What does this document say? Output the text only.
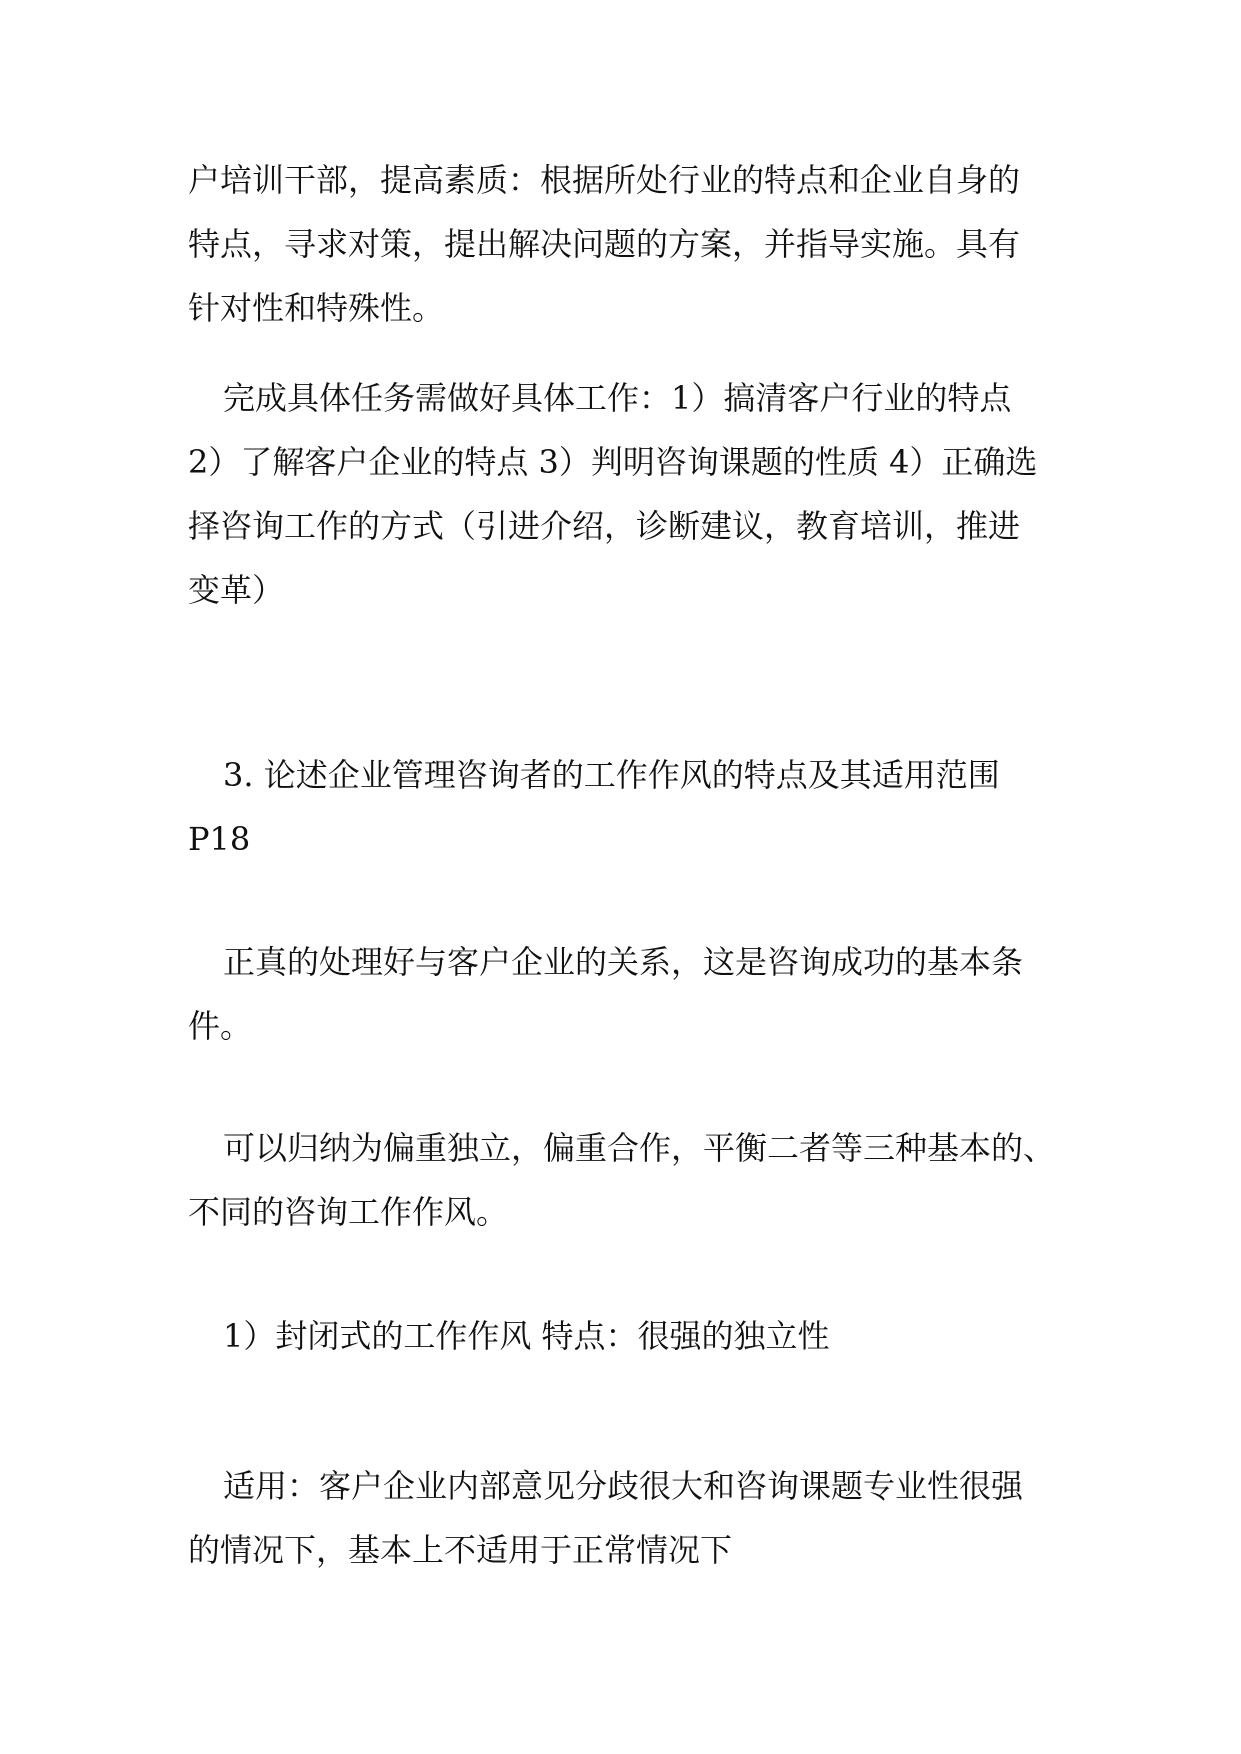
户培训干部，提高素质：根据所处行业的特点和企业自身的
特点，寻求对策，提出解决问题的方案，并指导实施。具有
针对性和特殊性。
完成具体任务需做好具体工作：1）搞清客户行业的特点
2）了解客户企业的特点 3）判明咨询课题的性质 4）正确选
择咨询工作的方式（引进介绍，诊断建议，教育培训，推进
变革）
3. 论述企业管理咨询者的工作作风的特点及其适用范围
P18
正真的处理好与客户企业的关系，这是咨询成功的基本条
件。
可以归纳为偏重独立，偏重合作，平衡二者等三种基本的、
不同的咨询工作作风。
1）封闭式的工作作风 特点：很强的独立性
适用：客户企业内部意见分歧很大和咨询课题专业性很强
的情况下，基本上不适用于正常情况下
